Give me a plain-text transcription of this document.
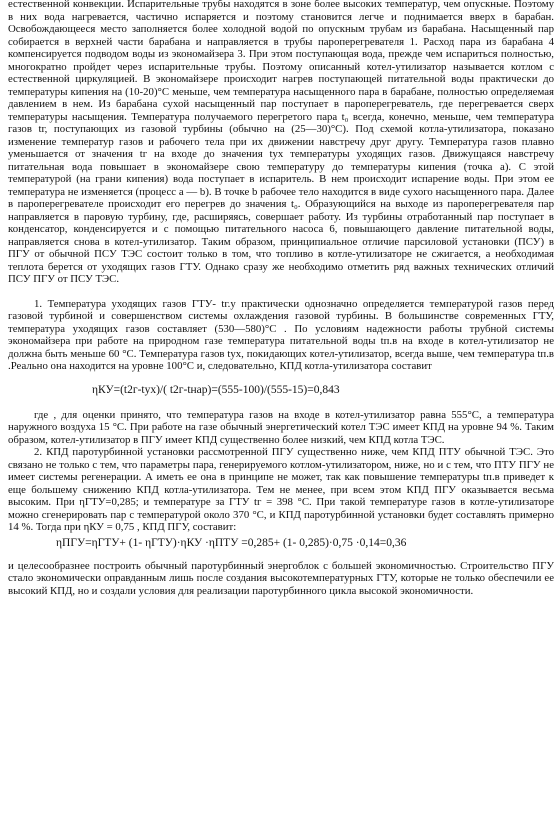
естественной конвекции. Испарительные трубы находятся в зоне более высоких температур, чем опускные. Поэтому в них вода нагревается, частично испаряется и поэтому становится легче и поднимается вверх в барабан. Освобождающееся место заполняется более холодной водой по опускным трубам из барабана. Насыщенный пар собирается в верхней части барабана и направляется в трубы пароперегревателя 1. Расход пара из барабана 4 компенсируется подводом воды из экономайзера 3. При этом поступающая вода, прежде чем испариться полностью, многократно пройдет через испарительные трубы. Поэтому описанный котел-утилизатор называется котлом с естественной циркуляцией. В экономайзере происходит нагрев поступающей питательной воды практически до температуры кипения на (10-20)°С меньше, чем температура насыщенного пара в барабане, полностью определяемая давлением в нем. Из барабана сухой насыщенный пар поступает в пароперегреватель, где перегревается сверх температуры насыщения. Температура получаемого перегретого пара t₀ всегда, конечно, меньше, чем температура газов tг, поступающих из газовой турбины (обычно на (25—30)°С). Под схемой котла-утилизатора, показано изменение температур газов и рабочего тела при их движении навстречу друг другу. Температура газов плавно уменьшается от значения tг на входе до значения tух температуры уходящих газов. Движущаяся навстречу питательная вода повышает в экономайзере свою температуру до температуры кипения (точка а). С этой температурой (на грани кипения) вода поступает в испаритель. В нем происходит испарение воды. При этом ее температура не изменяется (процесс а — b). В точке b рабочее тело находится в виде сухого насыщенного пара. Далее в пароперегревателе происходит его перегрев до значения t₀. Образующийся на выходе из пароперегревателя пар направляется в паровую турбину, где, расширяясь, совершает работу. Из турбины отработанный пар поступает в конденсатор, конденсируется и с помощью питательного насоса 6, повышающего давление питательной воды, направляется снова в котел-утилизатор. Таким образом, принципиальное отличие парсиловой установки (ПСУ) в ПГУ от обычной ПСУ ТЭС состоит только в том, что топливо в котле-утилизаторе не сжигается, а необходимая теплота берется от уходящих газов ГТУ. Однако сразу же необходимо отметить ряд важных технических отличий ПСУ ПГУ от ПСУ ТЭС.

1. Температура уходящих газов ГТУ- tг.у практически однозначно определяется температурой газов перед газовой турбиной и совершенством системы охлаждения газовой турбины. В большинстве современных ГТУ, температура уходящих газов составляет (530—580)°С . По условиям надежности работы трубной системы экономайзера при работе на природном газе температура питательной воды tп.в на входе в котел-утилизатор не должна быть меньше 60 °С. Температура газов tух, покидающих котел-утилизатор, всегда выше, чем температура tп.в .Реально она находится на уровне 100°С и, следовательно, КПД котла-утилизатора составит

ηКУ=(t2г-tух)/( t2г-tнар)=(555-100)/(555-15)=0,843

где , для оценки принято, что температура газов на входе в котел-утилизатор равна 555°С, а температура наружного воздуха 15 °С. При работе на газе обычный энергетический котел ТЭС имеет КПД на уровне 94 %. Таким образом, котел-утилизатор в ПГУ имеет КПД существенно более низкий, чем КПД котла ТЭС.

2. КПД паротурбинной установки рассмотренной ПГУ существенно ниже, чем КПД ПТУ обычной ТЭС. Это связано не только с тем, что параметры пара, генерируемого котлом-утилизатором, ниже, но и с тем, что ПТУ ПГУ не имеет системы регенерации. А иметь ее она в принципе не может, так как повышение температуры tп.в приведет к еще большему снижению КПД котла-утилизатора. Тем не менее, при всем этом КПД ПГУ оказывается весьма высоким. При ηГТУ=0,285; и температуре за ГТУ tг = 398 °С. При такой температуре газов в котле-утилизаторе можно сгенерировать пар с температурой около 370 °С, и КПД паротурбинной установки будет составлять примерно 14 %. Тогда при ηКУ = 0,75 , КПД ПГУ, составит:

ηПГУ=ηГТУ+ (1- ηГТУ)·ηКУ ·ηПТУ =0,285+ (1- 0,285)·0,75 ·0,14=0,36

и целесообразнее построить обычный паротурбинный энергоблок с большей экономичностью. Строительство ПГУ стало экономически оправданным лишь после создания высокотемпературных ГТУ, которые не только обеспечили ее высокий КПД, но и создали условия для реализации паротурбинного цикла высокой экономичности.
